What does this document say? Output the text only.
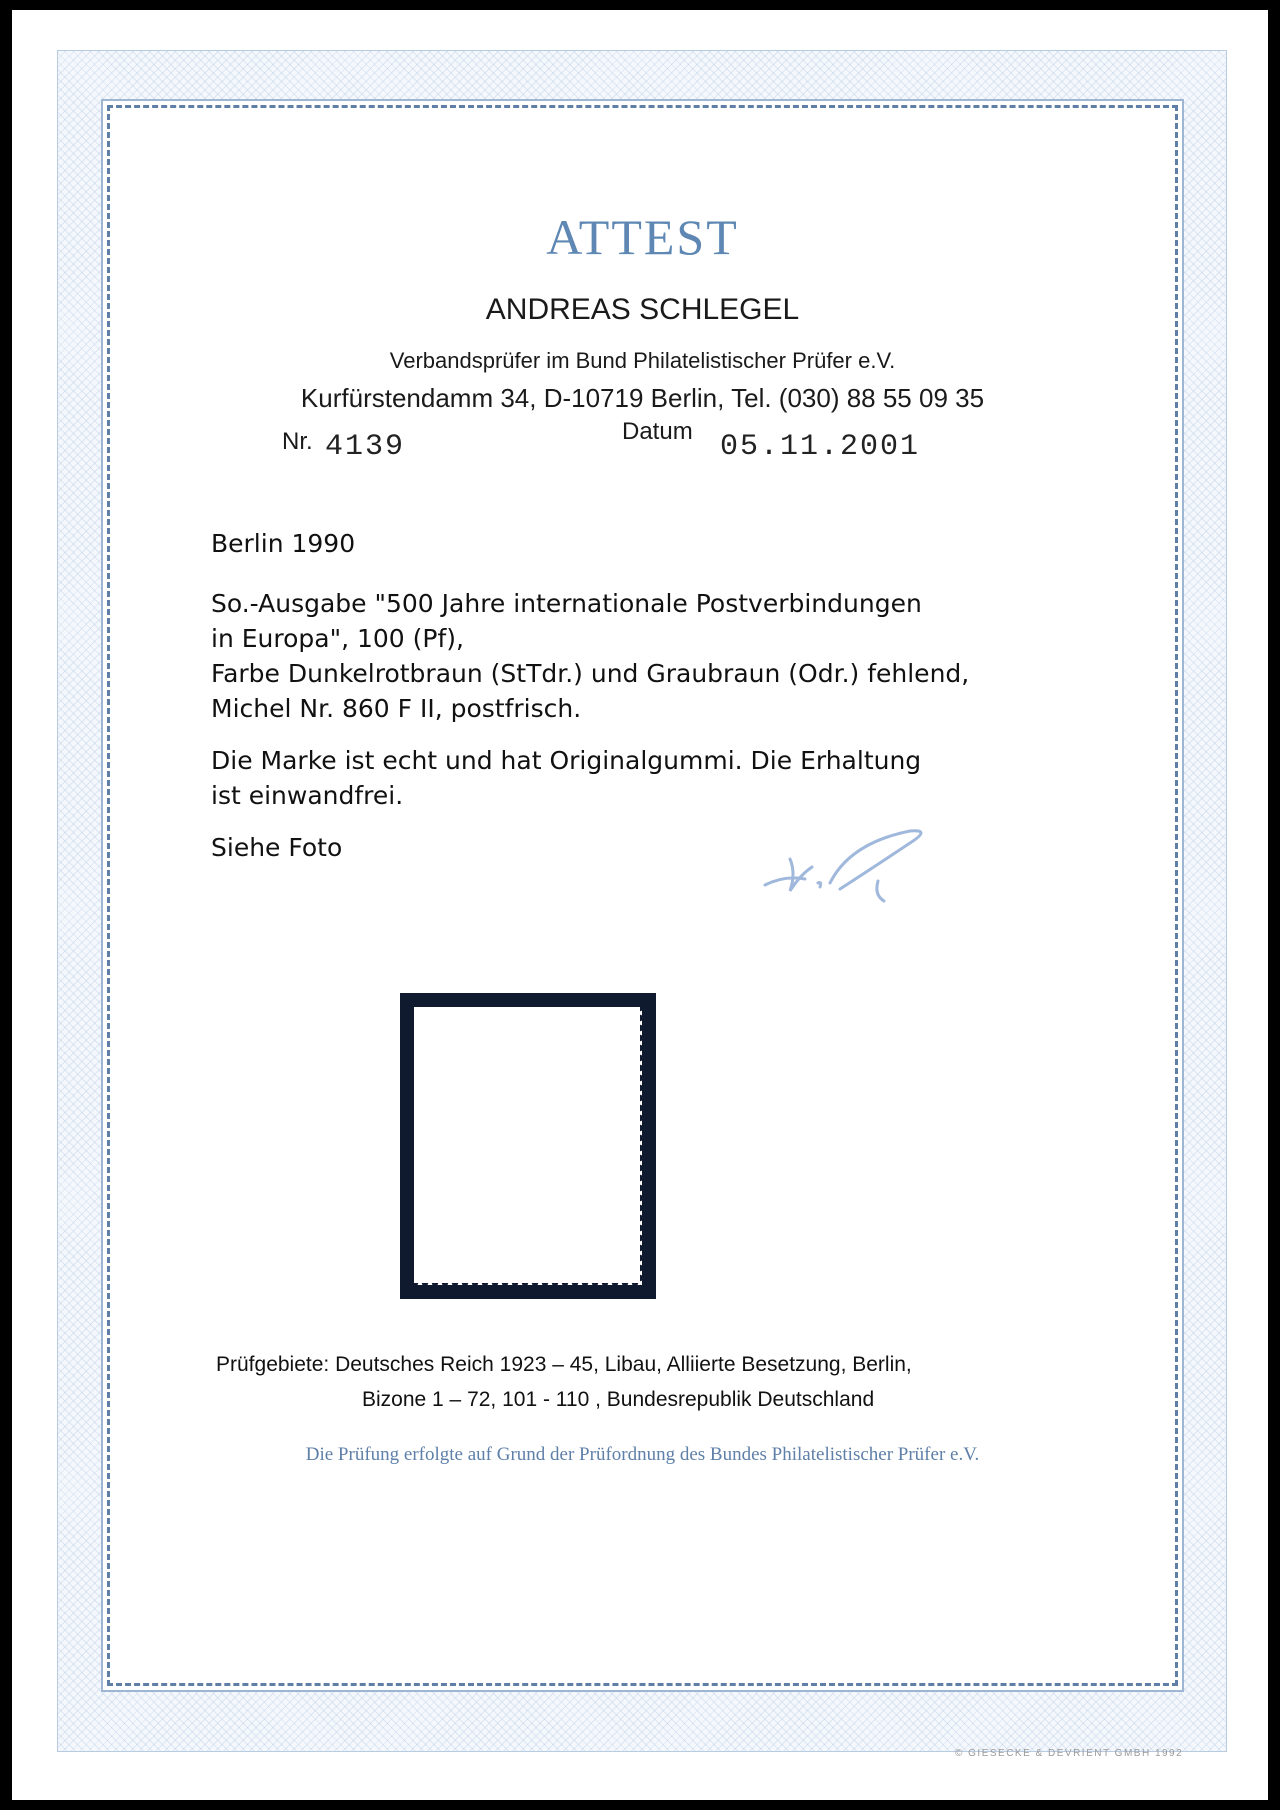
ATTEST
ANDREAS SCHLEGEL
Verbandsprüfer im Bund Philatelistischer Prüfer e.V.
Kurfürstendamm 34, D-10719 Berlin, Tel. (030) 88 55 09 35
Nr. 4139	Datum 05.11.2001
Berlin 1990

So.-Ausgabe "500 Jahre internationale Postverbindungen

in Europa", 100 (Pf),

Farbe Dunkelrotbraun (StTdr.) und Graubraun (Odr.) fehlend,

Michel Nr. 860 F II, postfrisch.

Die Marke ist echt und hat Originalgummi. Die Erhaltung

ist einwandfrei.

Siehe Foto
Prüfgebiete: Deutsches Reich 1923 – 45, Libau, Alliierte Besetzung, Berlin,
Bizone 1 – 72, 101 - 110 , Bundesrepublik Deutschland
Die Prüfung erfolgte auf Grund der Prüfordnung des Bundes Philatelistischer Prüfer e.V.
© GIESECKE & DEVRIENT GMBH 1992
